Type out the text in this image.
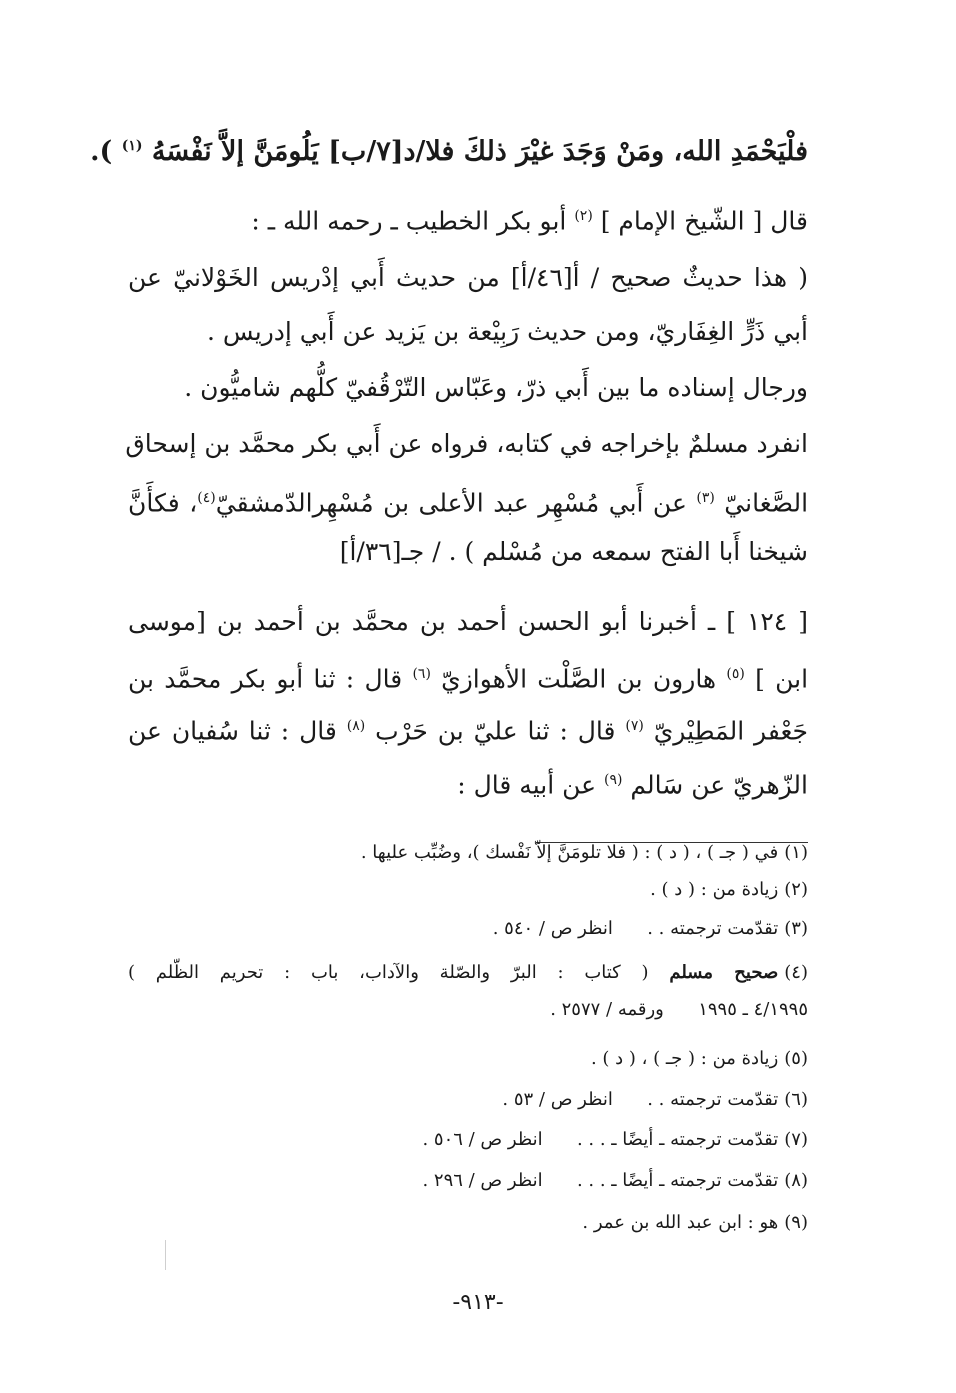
فلْيَحْمَدِ الله، ومَنْ وَجَدَ غيْرَ ذلكَ فلا/د[٧/ب] يَلُومَنَّ إلاَّ نَفْسَهُ $^{(١)}$ ).
قال [ الشّيخ الإمام ] $^{(٢)}$ أبو بكر الخطيب ـ رحمه الله ـ :
( هذا حديثٌ صحيح / أ[٤٦/أ] من حديث أَبي إدْريس الخَوْلانيّ عن
أبي ذَرٍّ الغِفَاريّ، ومن حديث رَبِيْعة بن يَزيد عن أَبي إدريس .
ورجال إسناده ما بين أَبي ذرّ، وعَبّاس التّرْقُفيّ كلُّهم شاميُّون .
انفرد مسلمٌ بإخراجه في كتابه، فرواه عن أَبي بكر محمَّد بن إسحاق
الصَّغانيّ $^{(٣)}$ عن أَبي مُسْهِر عبد الأعلى بن مُسْهِرالدّمشقيّ$^{(٤)}$، فكأَنَّ
شيخنا أَبا الفتح سمعه من مُسْلم ) . / جـ[٣٦/أ]
[ ١٢٤ ] ـ أخبرنا أبو الحسن أحمد بن محمَّد بن أحمد بن [موسى
ابن ] $^{(٥)}$ هارون بن الصَّلْت الأهوازيّ $^{(٦)}$ قال : ثنا أبو بكر محمَّد بن
جَعْفر المَطِيْريّ $^{(٧)}$ قال : ثنا عليّ بن حَرْب $^{(٨)}$ قال : ثنا سُفيان عن
الزّهريّ عن سَالم $^{(٩)}$ عن أبيه قال :
(١)في ( جـ ) ، ( د ) : ( فلا تلومَنَّ إلاّ نَفْسك )، وضُبِّب عليها .
(٢)زيادة من : ( د ) .
(٣)تقدّمت ترجمته . .      انظر ص / ٥٤٠ .
(٤)صحيح مسلم ( كتاب : البرّ والصّلة والآداب، باب : تحريم الظّلم )
٤/١٩٩٥ ـ ١٩٩٥      ورقمه / ٢٥٧٧ .
(٥)زيادة من : ( جـ ) ، ( د ) .
(٦)تقدّمت ترجمته . .      انظر ص / ٥٣ .
(٧)تقدّمت ترجمته ـ أيضًا ـ . . .      انظر ص / ٥٠٦ .
(٨)تقدّمت ترجمته ـ أيضًا ـ . . .      انظر ص / ٢٩٦ .
(٩)هو : ابن عبد الله بن عمر .
-٩١٣-
